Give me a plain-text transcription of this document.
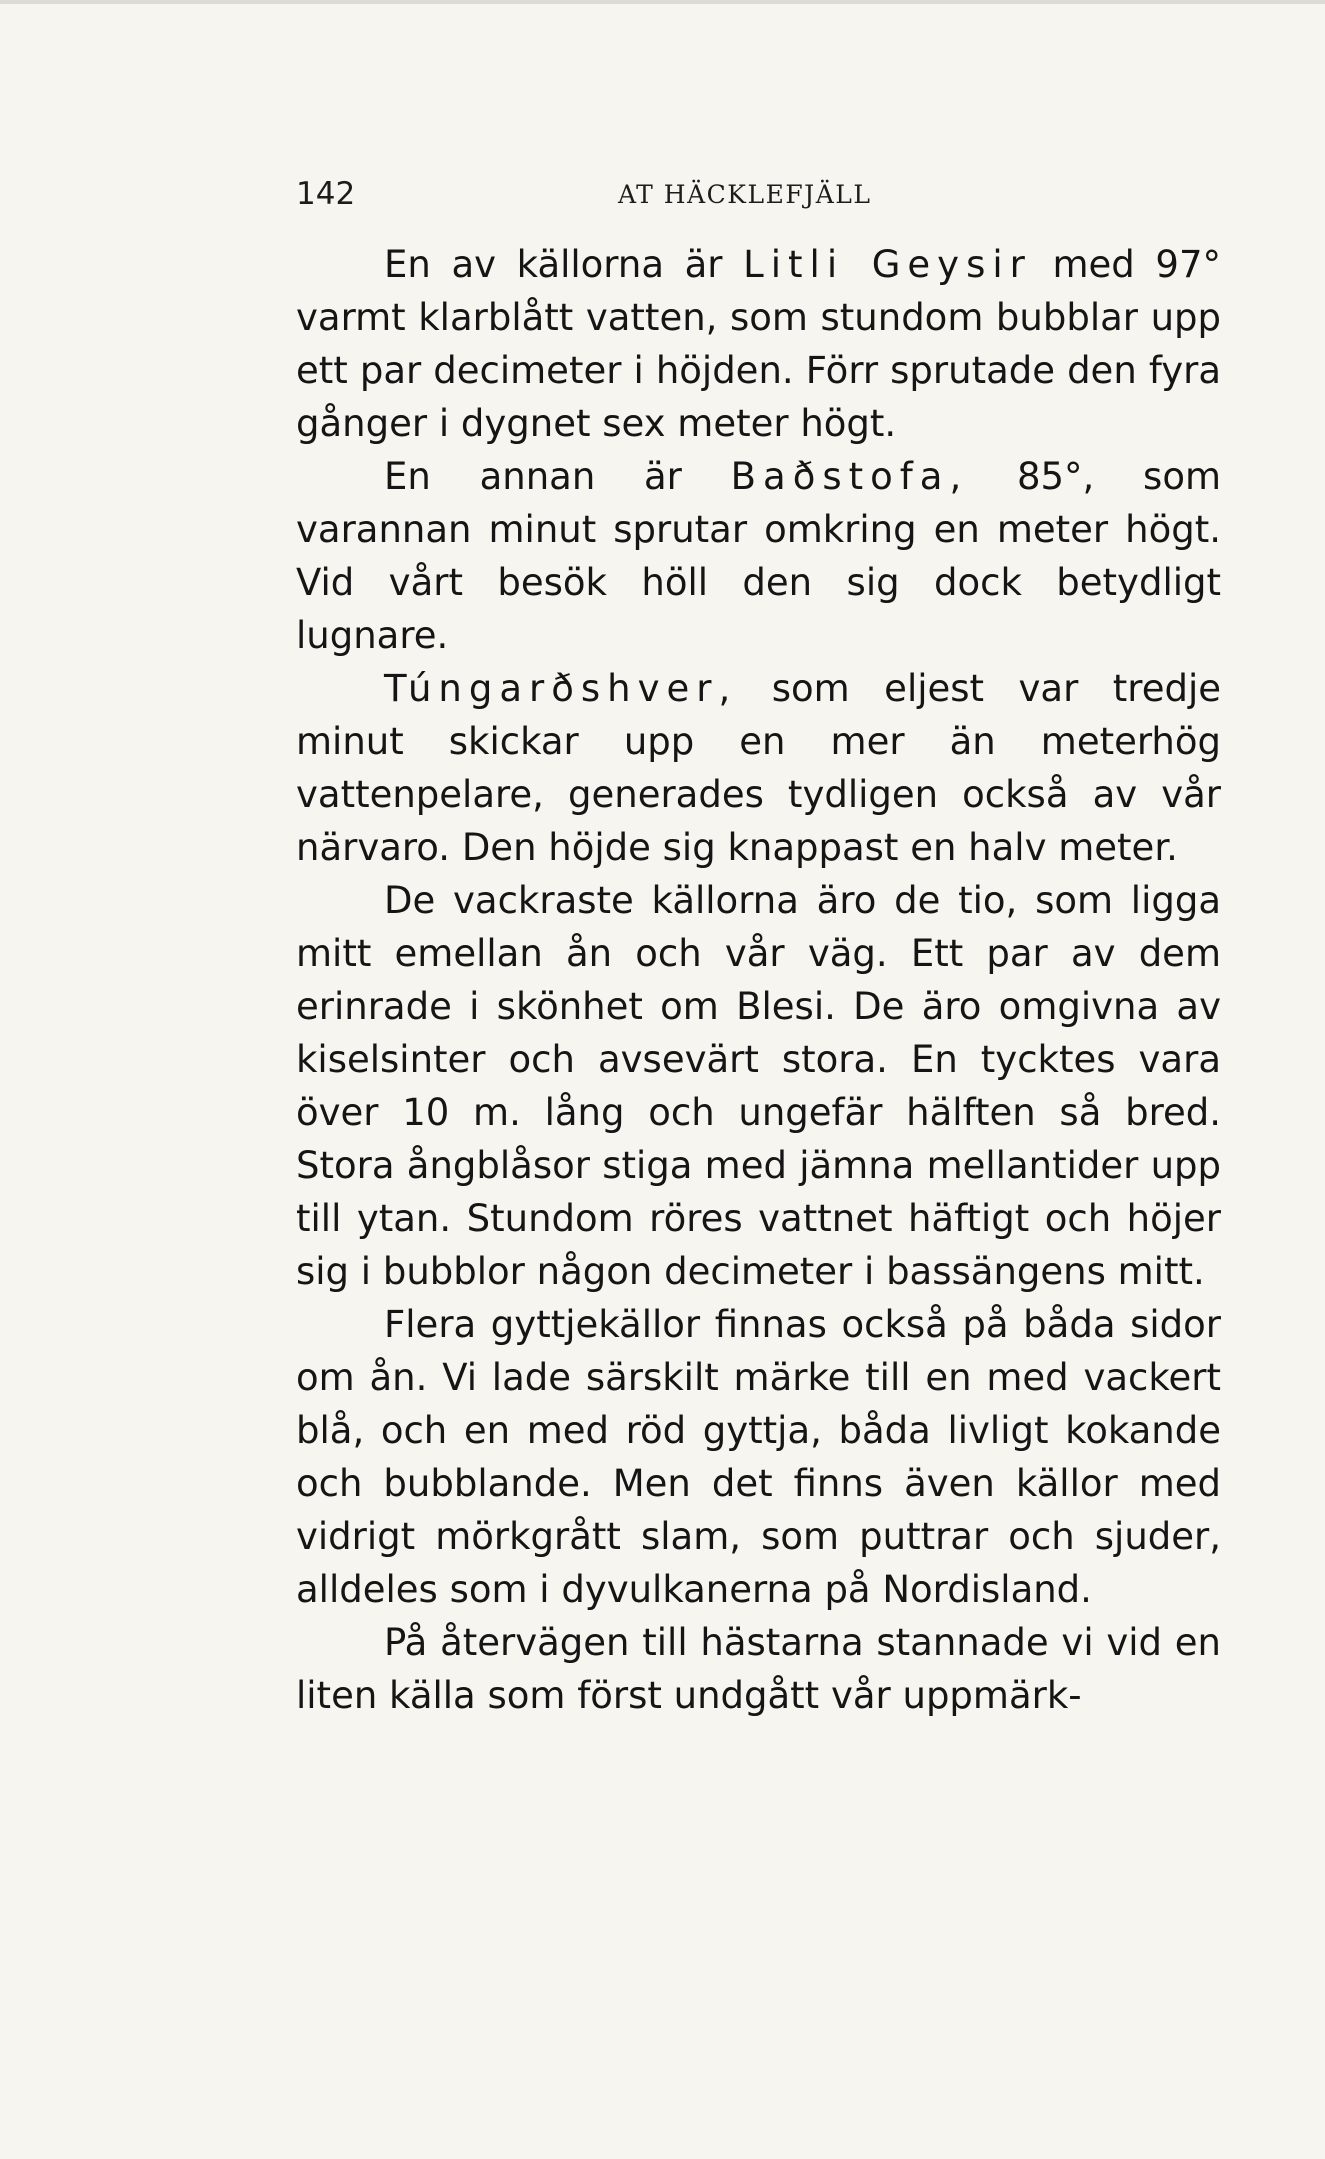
142	AT HÄCKLEFJÄLL

En av källorna är Litli Geysir med 97° varmt klarblått vatten, som stundom bubblar upp ett par decimeter i höjden. Förr sprutade den fyra gånger i dygnet sex meter högt.

En annan är Baðstofa, 85°, som varannan minut sprutar omkring en meter högt. Vid vårt besök höll den sig dock betydligt lugnare.

Túngarðshver, som eljest var tredje minut skickar upp en mer än meterhög vattenpelare, generades tydligen också av vår närvaro. Den höjde sig knappast en halv meter.

De vackraste källorna äro de tio, som ligga mitt emellan ån och vår väg. Ett par av dem erinrade i skönhet om Blesi. De äro omgivna av kiselsinter och avsevärt stora. En tycktes vara över 10 m. lång och ungefär hälften så bred. Stora ångblåsor stiga med jämna mellantider upp till ytan. Stundom röres vattnet häftigt och höjer sig i bubblor någon decimeter i bassängens mitt.

Flera gyttjekällor finnas också på båda sidor om ån. Vi lade särskilt märke till en med vackert blå, och en med röd gyttja, båda livligt kokande och bubblande. Men det finns även källor med vidrigt mörkgrått slam, som puttrar och sjuder, alldeles som i dyvulkanerna på Nordisland.

På återvägen till hästarna stannade vi vid en liten källa som först undgått vår uppmärk-
